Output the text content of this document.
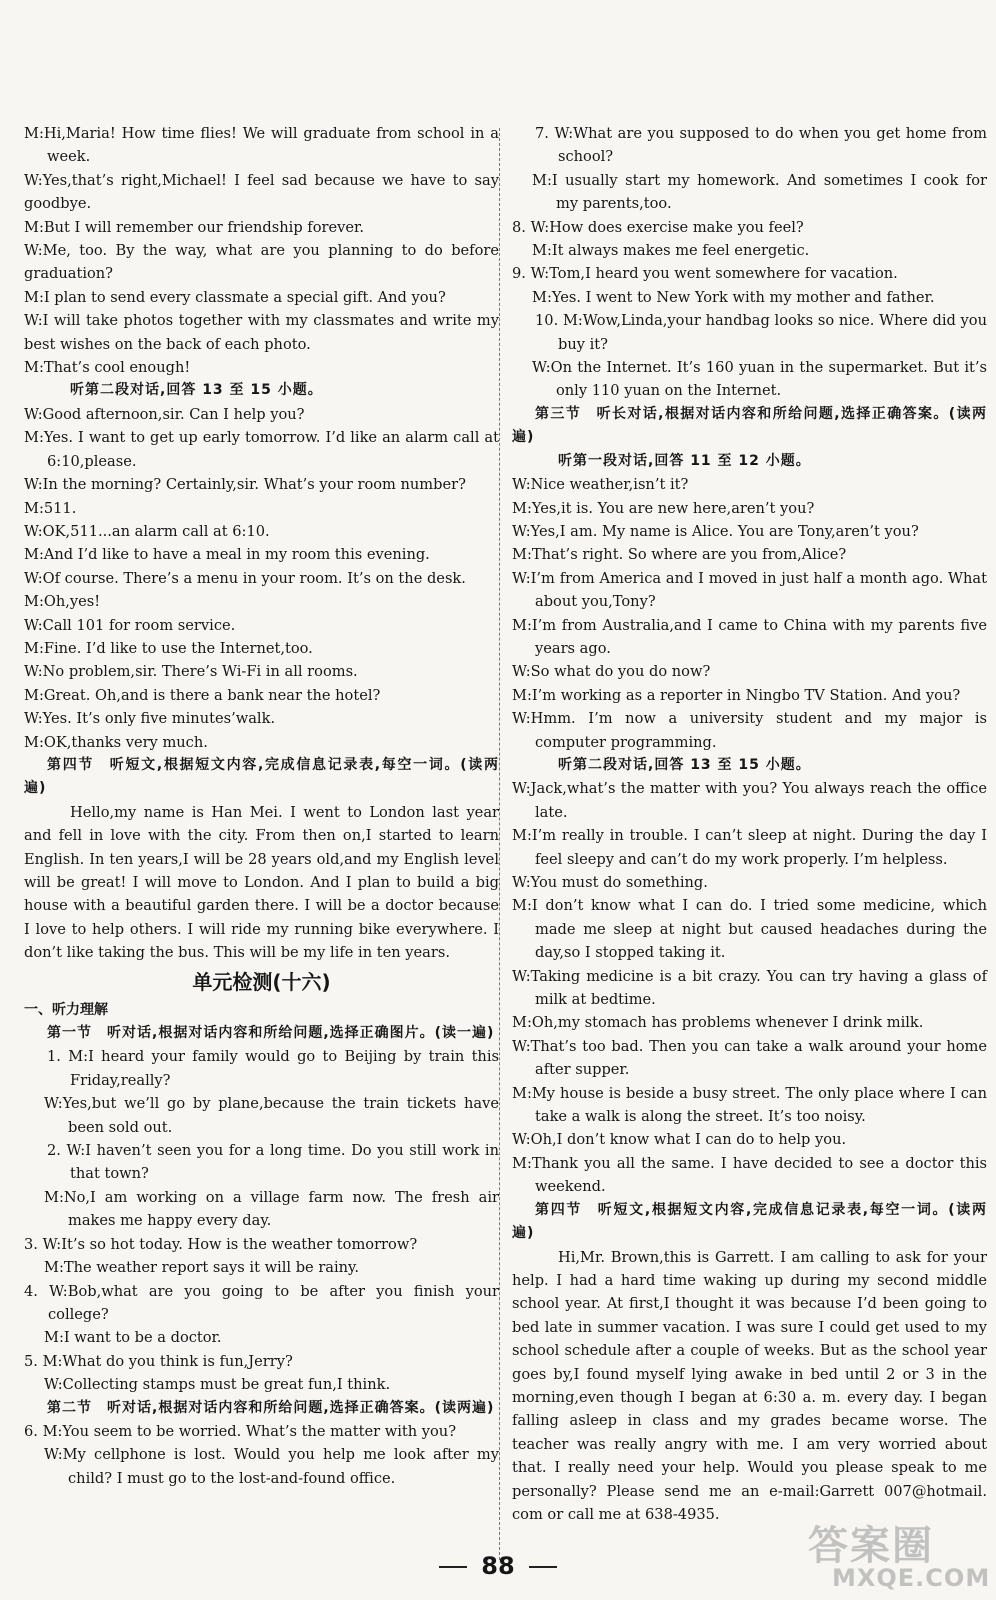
M:Hi,Maria! How time flies! We will graduate from school in a week.

W:Yes,that’s right,Michael! I feel sad because we have to say goodbye.

M:But I will remember our friendship forever.

W:Me, too. By the way, what are you planning to do before graduation?

M:I plan to send every classmate a special gift. And you?

W:I will take photos together with my classmates and write my best wishes on the back of each photo.

M:That’s cool enough!

听第二段对话,回答 13 至 15 小题。

W:Good afternoon,sir. Can I help you?

M:Yes. I want to get up early tomorrow. I’d like an alarm call at 6:10,please.

W:In the morning? Certainly,sir. What’s your room number?

M:511.

W:OK,511...an alarm call at 6:10.

M:And I’d like to have a meal in my room this evening.

W:Of course. There’s a menu in your room. It’s on the desk.

M:Oh,yes!

W:Call 101 for room service.

M:Fine. I’d like to use the Internet,too.

W:No problem,sir. There’s Wi-Fi in all rooms.

M:Great. Oh,and is there a bank near the hotel?

W:Yes. It’s only five minutes’walk.

M:OK,thanks very much.

第四节　听短文,根据短文内容,完成信息记录表,每空一词。(读两遍)

Hello,my name is Han Mei. I went to London last year and fell in love with the city. From then on,I started to learn English. In ten years,I will be 28 years old,and my English level will be great! I will move to London. And I plan to build a big house with a beautiful garden there. I will be a doctor because I love to help others. I will ride my running bike everywhere. I don’t like taking the bus. This will be my life in ten years.

单元检测(十六)

一、听力理解

第一节　听对话,根据对话内容和所给问题,选择正确图片。(读一遍)

1. M:I heard your family would go to Beijing by train this Friday,really?

W:Yes,but we’ll go by plane,because the train tickets have been sold out.

2. W:I haven’t seen you for a long time. Do you still work in that town?

M:No,I am working on a village farm now. The fresh air makes me happy every day.

3. W:It’s so hot today. How is the weather tomorrow?

M:The weather report says it will be rainy.

4. W:Bob,what are you going to be after you finish your college?

M:I want to be a doctor.

5. M:What do you think is fun,Jerry?

W:Collecting stamps must be great fun,I think.

第二节　听对话,根据对话内容和所给问题,选择正确答案。(读两遍)

6. M:You seem to be worried. What’s the matter with you?

W:My cellphone is lost. Would you help me look after my child? I must go to the lost-and-found office.

7. W:What are you supposed to do when you get home from school?

M:I usually start my homework. And sometimes I cook for my parents,too.

8. W:How does exercise make you feel?

M:It always makes me feel energetic.

9. W:Tom,I heard you went somewhere for vacation.

M:Yes. I went to New York with my mother and father.

10. M:Wow,Linda,your handbag looks so nice. Where did you buy it?

W:On the Internet. It’s 160 yuan in the supermarket. But it’s only 110 yuan on the Internet.

第三节　听长对话,根据对话内容和所给问题,选择正确答案。(读两遍)

听第一段对话,回答 11 至 12 小题。

W:Nice weather,isn’t it?

M:Yes,it is. You are new here,aren’t you?

W:Yes,I am. My name is Alice. You are Tony,aren’t you?

M:That’s right. So where are you from,Alice?

W:I’m from America and I moved in just half a month ago. What about you,Tony?

M:I’m from Australia,and I came to China with my parents five years ago.

W:So what do you do now?

M:I’m working as a reporter in Ningbo TV Station. And you?

W:Hmm. I’m now a university student and my major is computer programming.

听第二段对话,回答 13 至 15 小题。

W:Jack,what’s the matter with you? You always reach the office late.

M:I’m really in trouble. I can’t sleep at night. During the day I feel sleepy and can’t do my work properly. I’m helpless.

W:You must do something.

M:I don’t know what I can do. I tried some medicine, which made me sleep at night but caused headaches during the day,so I stopped taking it.

W:Taking medicine is a bit crazy. You can try having a glass of milk at bedtime.

M:Oh,my stomach has problems whenever I drink milk.

W:That’s too bad. Then you can take a walk around your home after supper.

M:My house is beside a busy street. The only place where I can take a walk is along the street. It’s too noisy.

W:Oh,I don’t know what I can do to help you.

M:Thank you all the same. I have decided to see a doctor this weekend.

第四节　听短文,根据短文内容,完成信息记录表,每空一词。(读两遍)

Hi,Mr. Brown,this is Garrett. I am calling to ask for your help. I had a hard time waking up during my second middle school year. At first,I thought it was because I’d been going to bed late in summer vacation. I was sure I could get used to my school schedule after a couple of weeks. But as the school year goes by,I found myself lying awake in bed until 2 or 3 in the morning,even though I began at 6:30 a. m. every day. I began falling asleep in class and my grades became worse. The teacher was really angry with me. I am very worried about that. I really need your help. Would you please speak to me personally? Please send me an e-mail:Garrett 007@hotmail. com or call me at 638-4935.

88	答案圈
MXQE.COM
